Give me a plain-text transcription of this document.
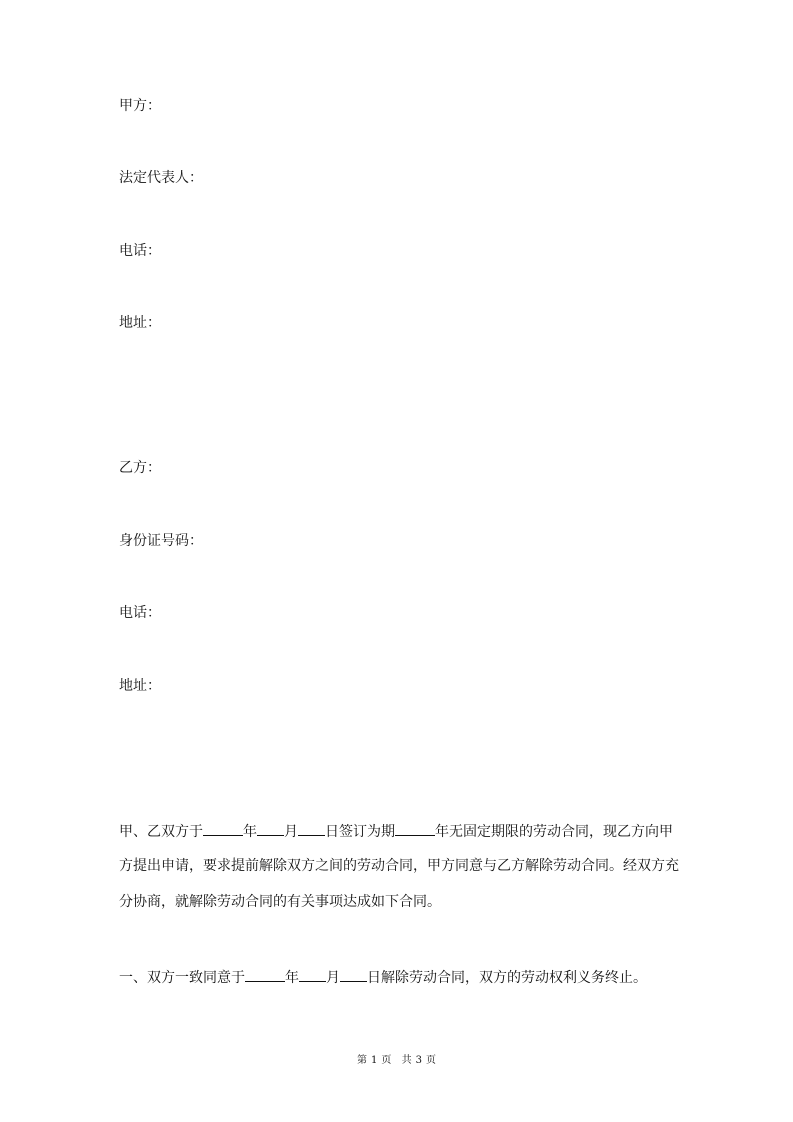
甲方：
法定代表人：
电话：
地址：
乙方：
身份证号码：
电话：
地址：
甲、乙双方于	年 月 日签订为期	年无固定期限的劳动合同，现乙方向甲
方提出申请，要求提前解除双方之间的劳动合同，甲方同意与乙方解除劳动合同。经双方充
分协商，就解除劳动合同的有关事项达成如下合同。
一、双方一致同意于	年 月 日解除劳动合同，双方的劳动权利义务终止。
第 1 页 共 3 页
